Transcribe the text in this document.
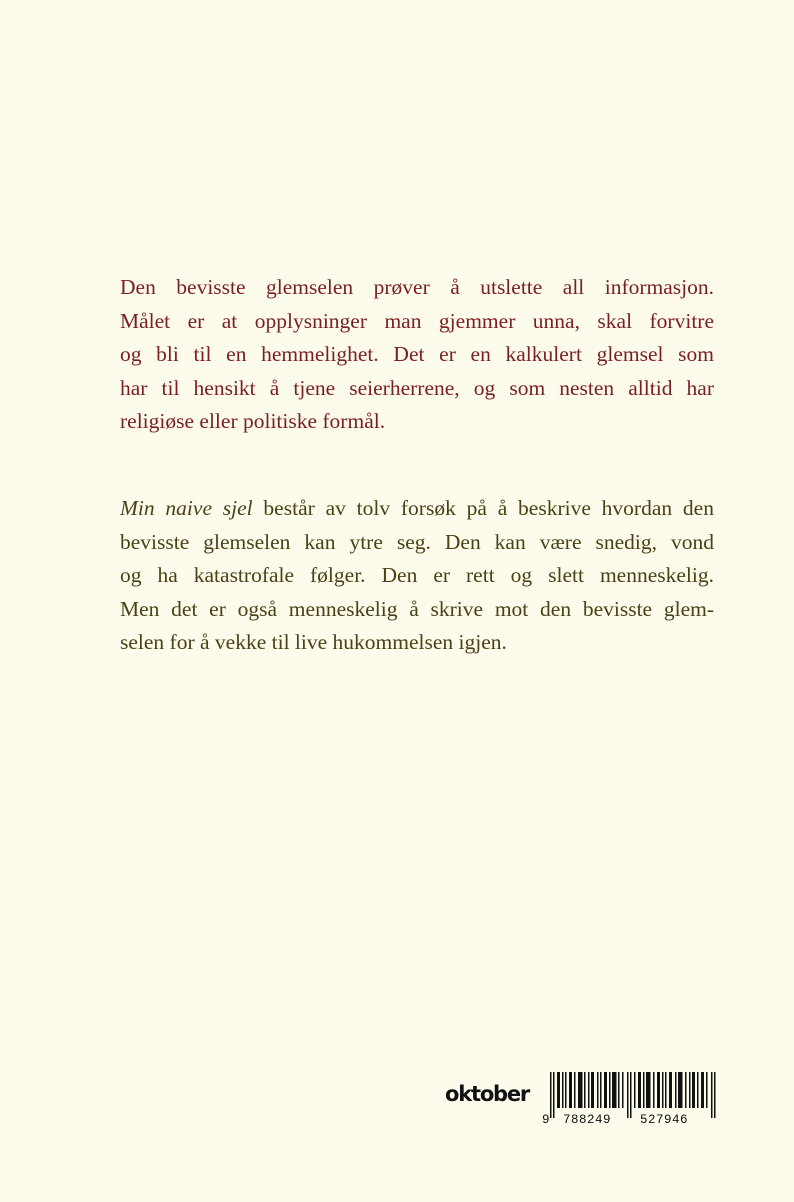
Den bevisste glemselen prøver å utslette all informasjon.
Målet er at opplysninger man gjemmer unna, skal forvitre
og bli til en hemmelighet. Det er en kalkulert glemsel som
har til hensikt å tjene seierherrene, og som nesten alltid har
religiøse eller politiske formål.
Min naive sjel består av tolv forsøk på å beskrive hvordan den
bevisste glemselen kan ytre seg. Den kan være snedig, vond
og ha katastrofale følger. Den er rett og slett menneskelig.
Men det er også menneskelig å skrive mot den bevisste glem-
selen for å vekke til live hukommelsen igjen.
oktober
9 788249 527946
